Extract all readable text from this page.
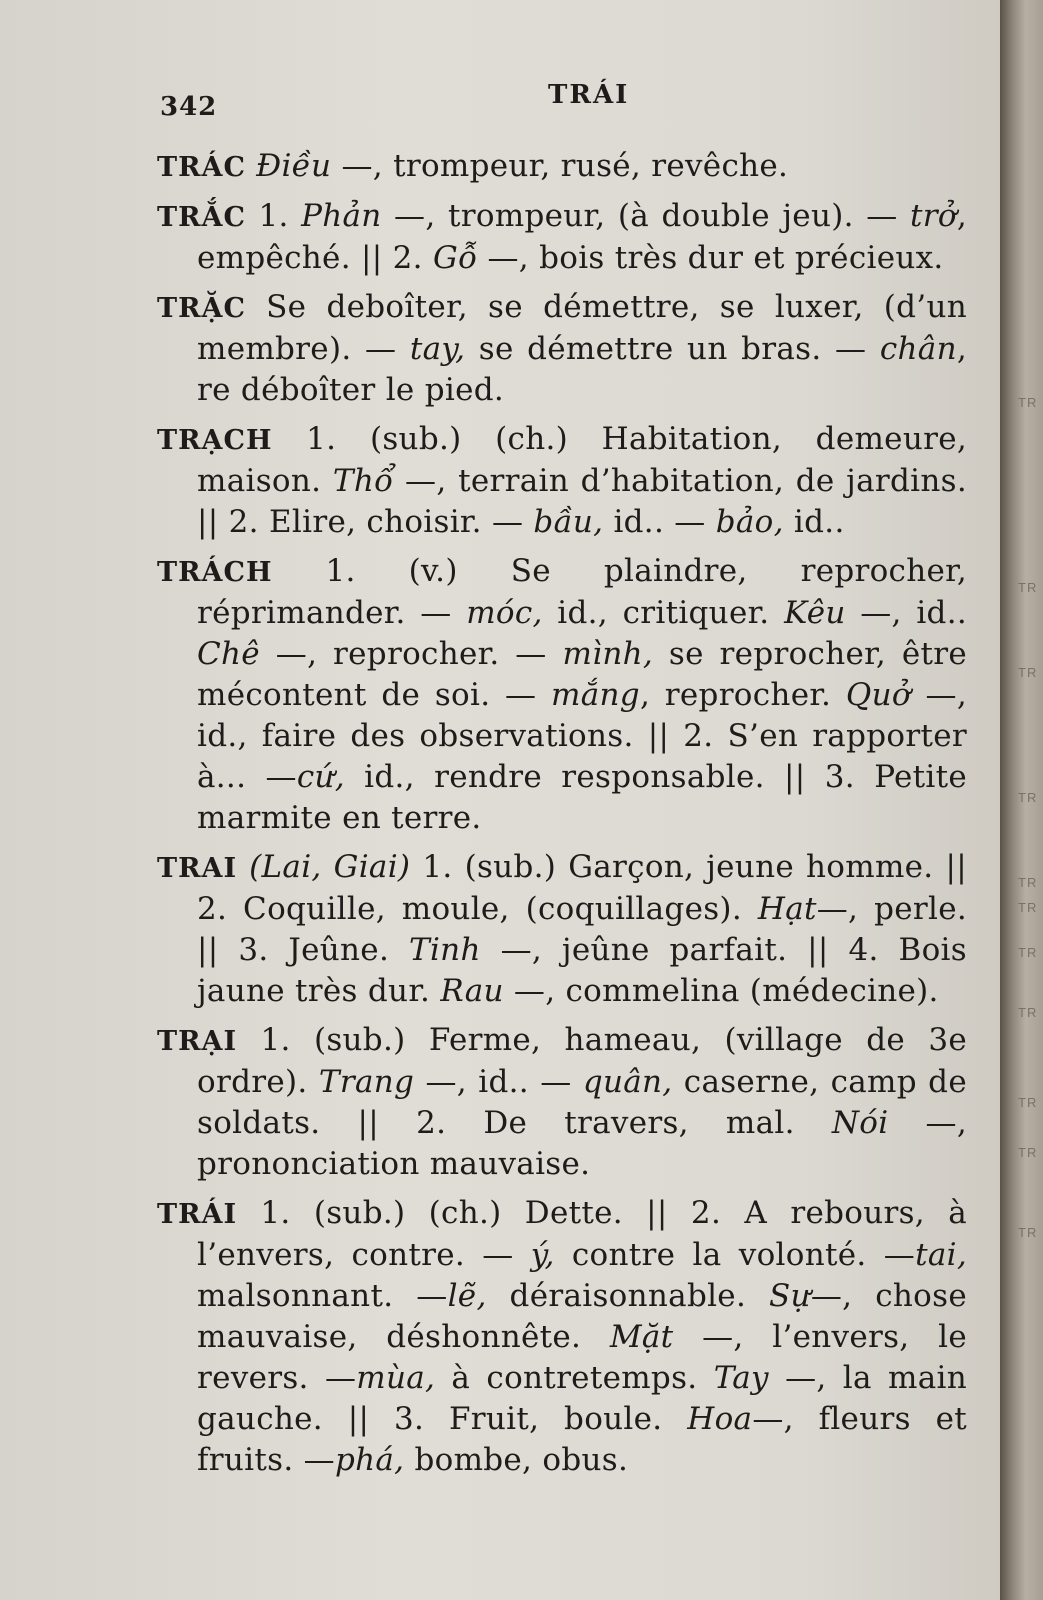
342	TRÁI

TRÁC Điều —, trompeur, rusé, revêche.

TRẮC 1. Phản —, trompeur, (à double jeu). — trở, empêché. || 2. Gỗ —, bois très dur et précieux.

TRẶC Se deboîter, se démettre, se luxer, (d’un membre). — tay, se démettre un bras. — chân, re déboîter le pied.

TRẠCH 1. (sub.) (ch.) Habitation, demeure, maison. Thổ —, terrain d’habitation, de jardins. || 2. Elire, choisir. — bầu, id.. — bảo, id..

TRÁCH 1. (v.) Se plaindre, reprocher, réprimander. — móc, id., critiquer. Kêu —, id.. Chê —, reprocher. — mình, se reprocher, être mécontent de soi. — mắng, reprocher. Quở —, id., faire des observations. || 2. S’en rapporter à... —cứ, id., rendre responsable. || 3. Petite marmite en terre.

TRAI (Lai, Giai) 1. (sub.) Garçon, jeune homme. || 2. Coquille, moule, (coquillages). Hạt—, perle. || 3. Jeûne. Tinh —, jeûne parfait. || 4. Bois jaune très dur. Rau —, commelina (médecine).

TRẠI 1. (sub.) Ferme, hameau, (village de 3e ordre). Trang —, id.. — quân, caserne, camp de soldats. || 2. De travers, mal. Nói —, prononciation mauvaise.

TRÁI 1. (sub.) (ch.) Dette. || 2. A rebours, à l’envers, contre. — ý, contre la volonté. —tai, malsonnant. —lẽ, déraisonnable. Sự—, chose mauvaise, déshonnête. Mặt —, l’envers, le revers. —mùa, à contretemps. Tay —, la main gauche. || 3. Fruit, boule. Hoa—, fleurs et fruits. —phá, bombe, obus.

TR
TR
TR
TR
TR
TR
TR
TR
TR
TR
TR
